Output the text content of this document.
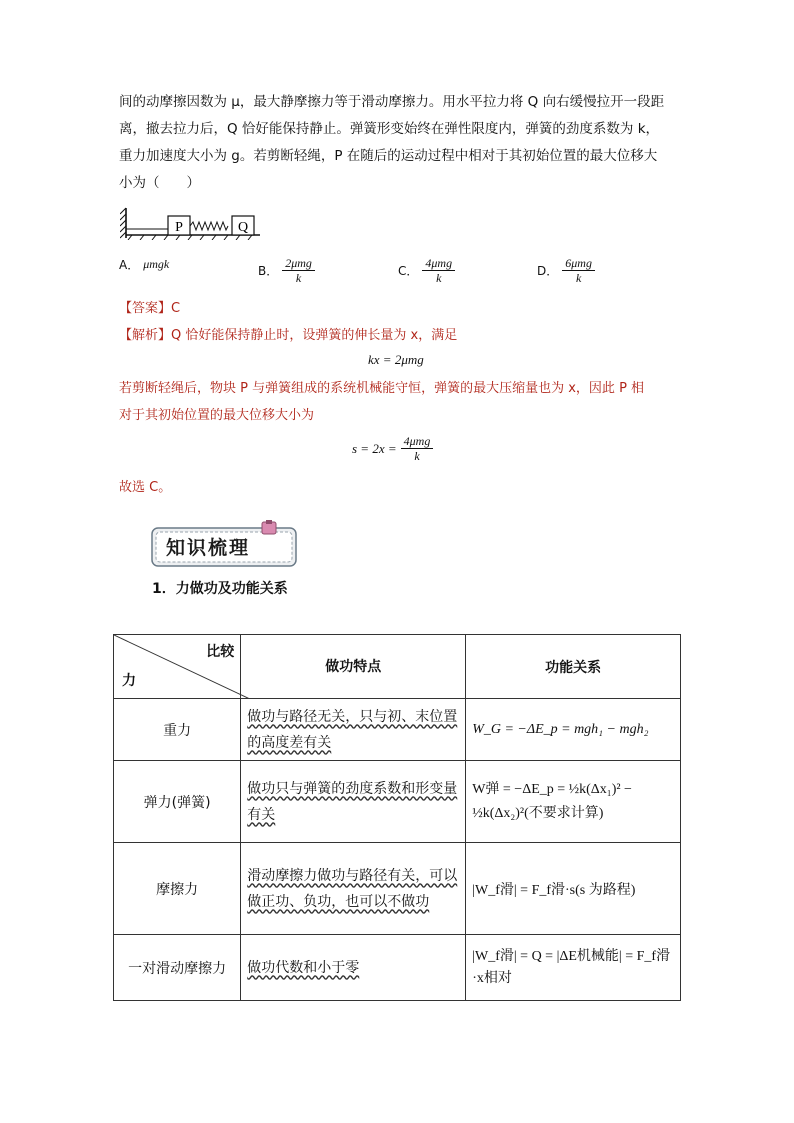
间的动摩擦因数为 μ，最大静摩擦力等于滑动摩擦力。用水平拉力将 Q 向右缓慢拉开一段距
离，撤去拉力后，Q 恰好能保持静止。弹簧形变始终在弹性限度内，弹簧的劲度系数为 k，
重力加速度大小为 g。若剪断轻绳，P 在随后的运动过程中相对于其初始位置的最大位移大
小为（　　）
P	Q
A． μmgk	B． $\frac{\text{2μmg}}{k}$	C． $\frac{\text{4μmg}}{k}$	D． $\frac{\text{6μmg}}{k}$
【答案】C
【解析】Q 恰好能保持静止时，设弹簧的伸长量为 x，满足
kx = 2μmg
若剪断轻绳后，物块 P 与弹簧组成的系统机械能守恒，弹簧的最大压缩量也为 x，因此 P 相
对于其初始位置的最大位移大小为
$s = 2x = \frac{\text{4μmg}}{k}$
故选 C。
知识梳理
1．力做功及功能关系
比较
力	做功特点	功能关系
重力	做功与路径无关，只与初、末位置的高度差有关	W_G = −ΔE_p = mgh₁ − mgh₂
弹力(弹簧)	做功只与弹簧的劲度系数和形变量有关	W弹 = −ΔE_p = ½k(Δx₁)² − ½k(Δx₂)²(不要求计算)
摩擦力	滑动摩擦力做功与路径有关，可以做正功、负功，也可以不做功	|W_f滑| = F_f滑·s(s 为路程)
一对滑动摩擦力	做功代数和小于零	|W_f滑| = Q = |ΔE机械能| = F_f滑·x相对
